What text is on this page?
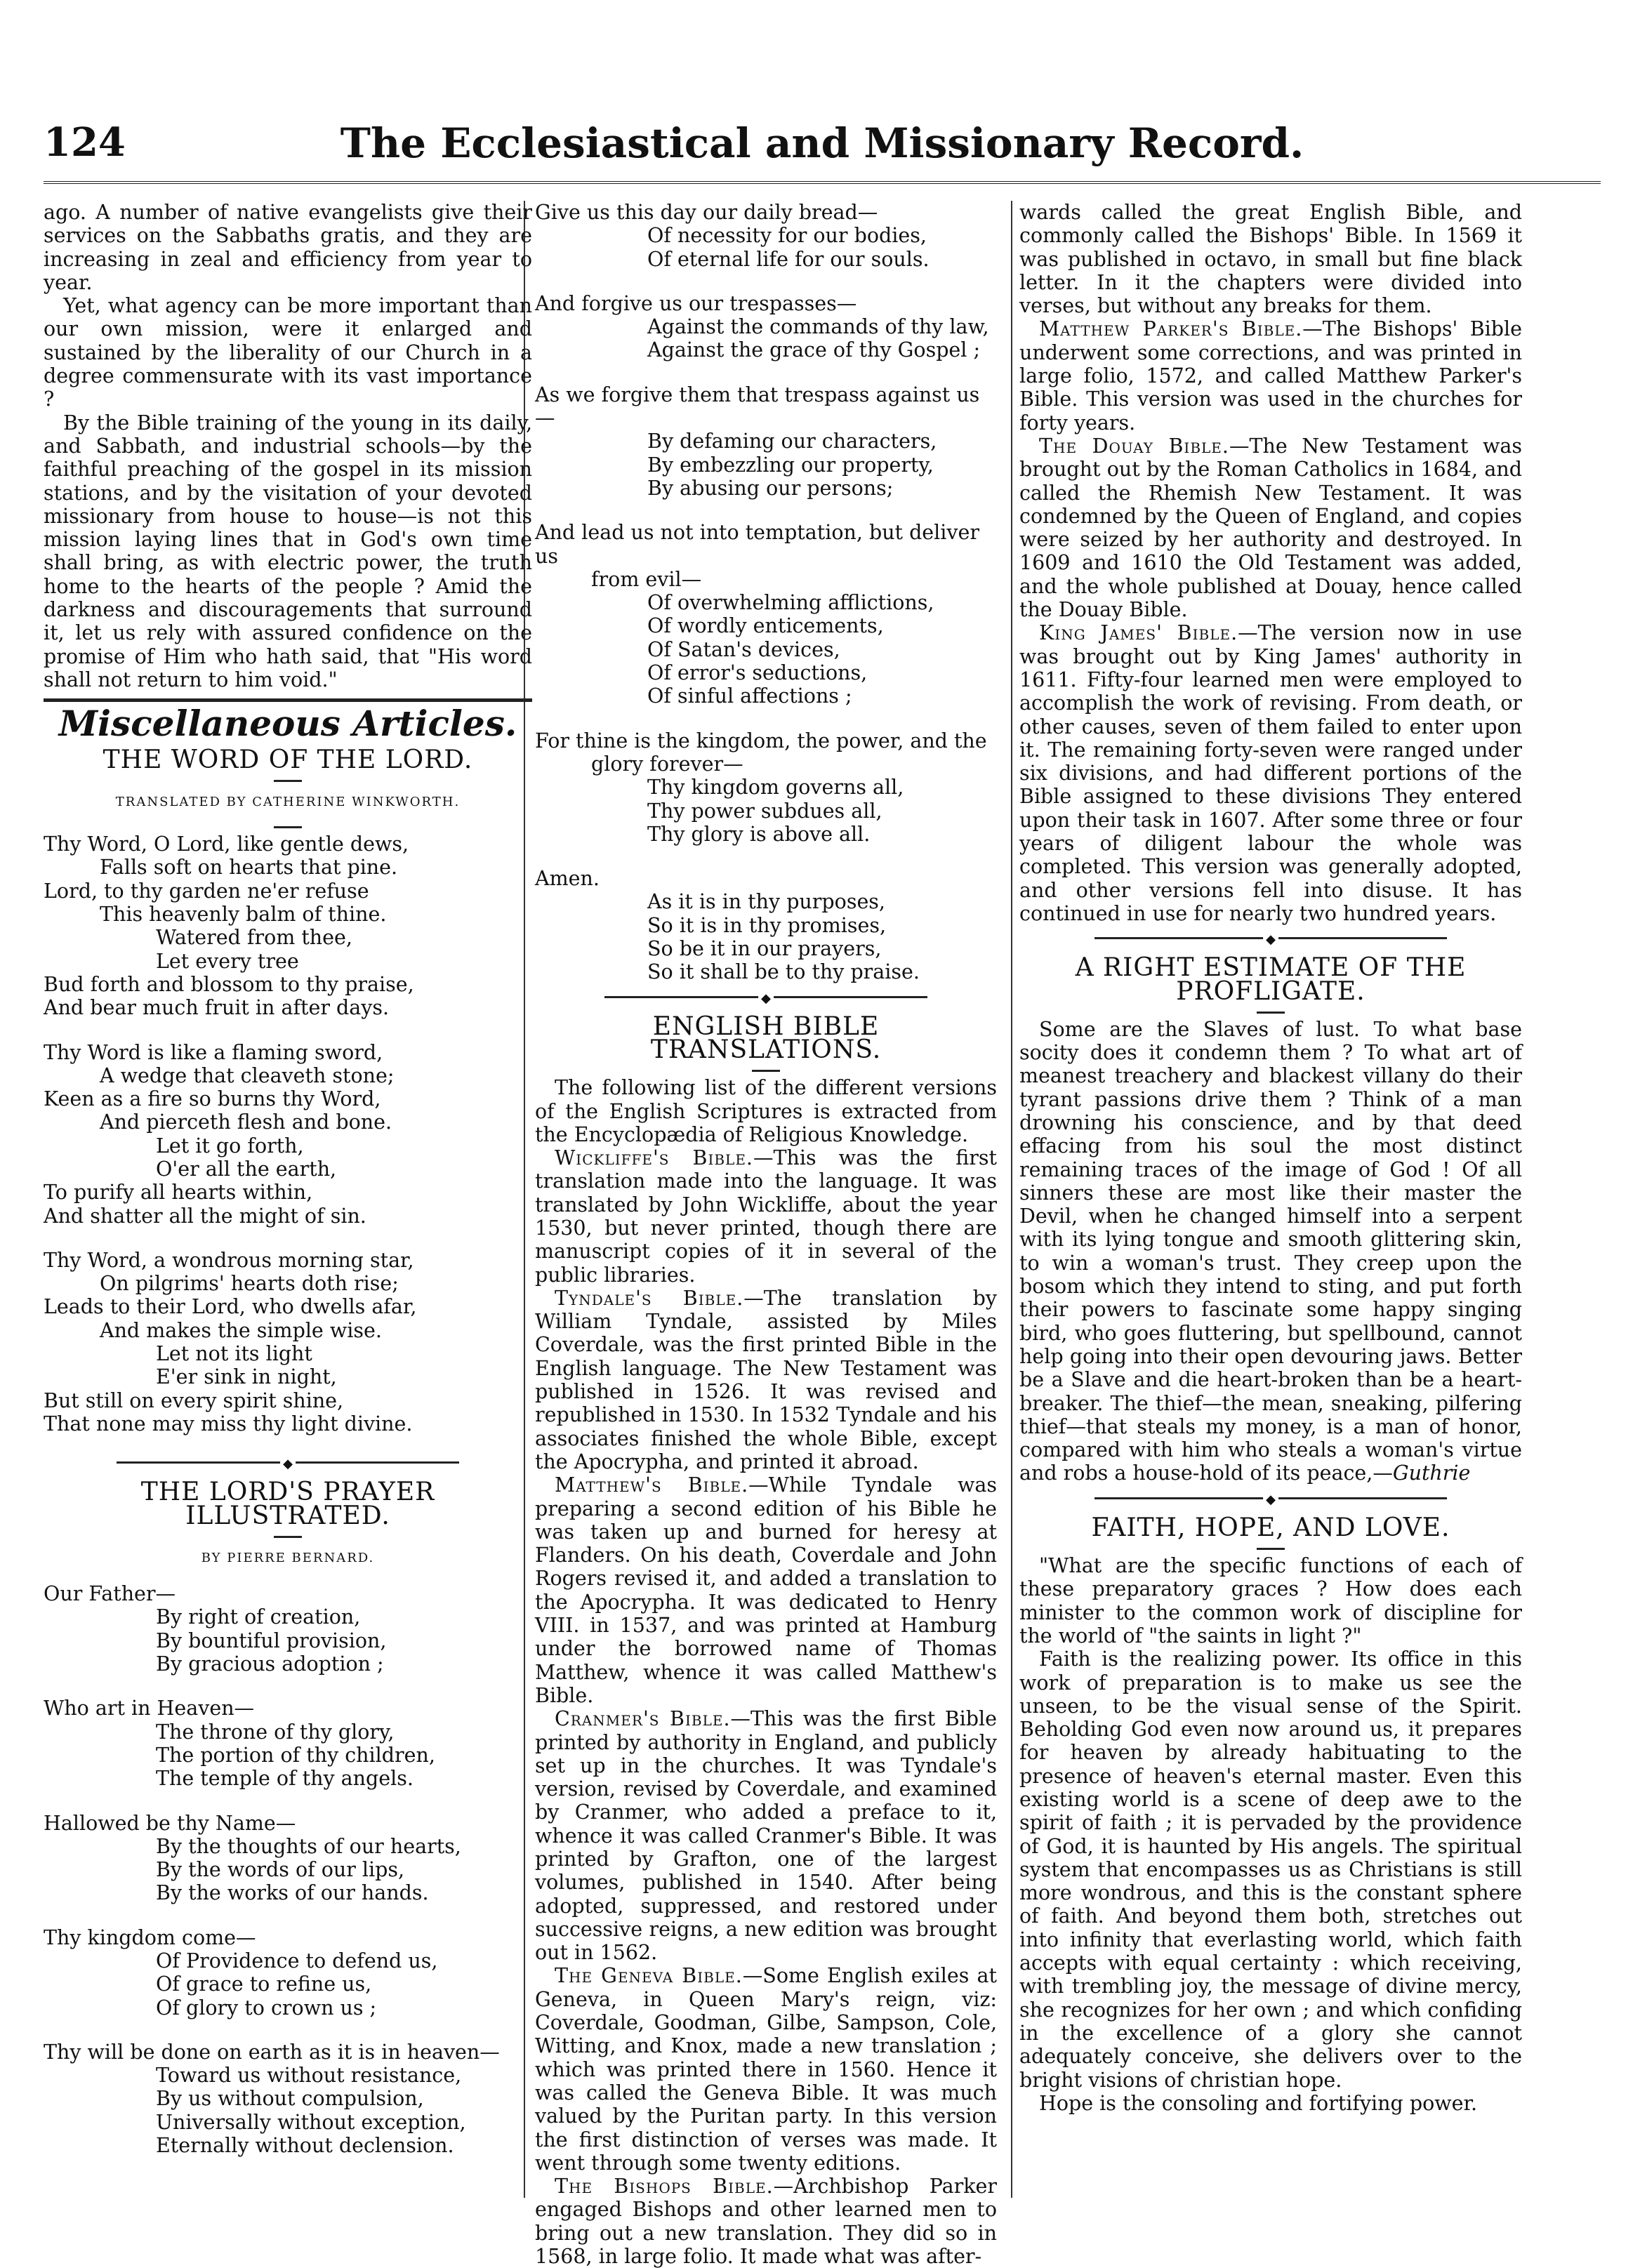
124	The Ecclesiastical and Missionary Record.

ago. A number of native evangelists give their services on the Sabbaths gratis, and they are increasing in zeal and efficiency from year to year.

Yet, what agency can be more important than our own mission, were it enlarged and sustained by the liberality of our Church in a degree commensurate with its vast importance ?

By the Bible training of the young in its daily, and Sabbath, and industrial schools—by the faithful preaching of the gospel in its mission stations, and by the visitation of your devoted missionary from house to house—is not this mission laying lines that in God's own time shall bring, as with electric power, the truth home to the hearts of the people ? Amid the darkness and discouragements that surround it, let us rely with assured confidence on the promise of Him who hath said, that "His word shall not return to him void."

Miscellaneous Articles.
THE WORD OF THE LORD.
TRANSLATED BY CATHERINE WINKWORTH.
Thy Word, O Lord, like gentle dews,
Falls soft on hearts that pine.
Lord, to thy garden ne'er refuse
This heavenly balm of thine.
Watered from thee,
Let every tree
Bud forth and blossom to thy praise,
And bear much fruit in after days.
Thy Word is like a flaming sword,
A wedge that cleaveth stone;
Keen as a fire so burns thy Word,
And pierceth flesh and bone.
Let it go forth,
O'er all the earth,
To purify all hearts within,
And shatter all the might of sin.
Thy Word, a wondrous morning star,
On pilgrims' hearts doth rise;
Leads to their Lord, who dwells afar,
And makes the simple wise.
Let not its light
E'er sink in night,
But still on every spirit shine,
That none may miss thy light divine.
◆
THE LORD'S PRAYER ILLUSTRATED.
BY PIERRE BERNARD.
Our Father—
By right of creation,
By bountiful provision,
By gracious adoption ;
Who art in Heaven—
The throne of thy glory,
The portion of thy children,
The temple of thy angels.
Hallowed be thy Name—
By the thoughts of our hearts,
By the words of our lips,
By the works of our hands.
Thy kingdom come—
Of Providence to defend us,
Of grace to refine us,
Of glory to crown us ;
Thy will be done on earth as it is in heaven—
Toward us without resistance,
By us without compulsion,
Universally without exception,
Eternally without declension.
Give us this day our daily bread—
Of necessity for our bodies,
Of eternal life for our souls.
And forgive us our trespasses—
Against the commands of thy law,
Against the grace of thy Gospel ;
As we forgive them that trespass against us—
By defaming our characters,
By embezzling our property,
By abusing our persons;
And lead us not into temptation, but deliver us
from evil—
Of overwhelming afflictions,
Of wordly enticements,
Of Satan's devices,
Of error's seductions,
Of sinful affections ;
For thine is the kingdom, the power, and the
glory forever—
Thy kingdom governs all,
Thy power subdues all,
Thy glory is above all.
Amen.
As it is in thy purposes,
So it is in thy promises,
So be it in our prayers,
So it shall be to thy praise.
◆
ENGLISH BIBLE TRANSLATIONS.

The following list of the different versions of the English Scriptures is extracted from the Encyclopædia of Religious Knowledge.

Wickliffe's Bible.—This was the first translation made into the language. It was translated by John Wickliffe, about the year 1530, but never printed, though there are manuscript copies of it in several of the public libraries.

Tyndale's Bible.—The translation by William Tyndale, assisted by Miles Coverdale, was the first printed Bible in the English language. The New Testament was published in 1526. It was revised and republished in 1530. In 1532 Tyndale and his associates finished the whole Bible, except the Apocrypha, and printed it abroad.

Matthew's Bible.—While Tyndale was preparing a second edition of his Bible he was taken up and burned for heresy at Flanders. On his death, Coverdale and John Rogers revised it, and added a translation to the Apocrypha. It was dedicated to Henry VIII. in 1537, and was printed at Hamburg under the borrowed name of Thomas Matthew, whence it was called Matthew's Bible.

Cranmer's Bible.—This was the first Bible printed by authority in England, and publicly set up in the churches. It was Tyndale's version, revised by Coverdale, and examined by Cranmer, who added a preface to it, whence it was called Cranmer's Bible. It was printed by Grafton, one of the largest volumes, published in 1540. After being adopted, suppressed, and restored under successive reigns, a new edition was brought out in 1562.

The Geneva Bible.—Some English exiles at Geneva, in Queen Mary's reign, viz: Coverdale, Goodman, Gilbe, Sampson, Cole, Witting, and Knox, made a new translation ; which was printed there in 1560. Hence it was called the Geneva Bible. It was much valued by the Puritan party. In this version the first distinction of verses was made. It went through some twenty editions.

The Bishops Bible.—Archbishop Parker engaged Bishops and other learned men to bring out a new translation. They did so in 1568, in large folio. It made what was after-

wards called the great English Bible, and commonly called the Bishops' Bible. In 1569 it was published in octavo, in small but fine black letter. In it the chapters were divided into verses, but without any breaks for them.

Matthew Parker's Bible.—The Bishops' Bible underwent some corrections, and was printed in large folio, 1572, and called Matthew Parker's Bible. This version was used in the churches for forty years.

The Douay Bible.—The New Testament was brought out by the Roman Catholics in 1684, and called the Rhemish New Testament. It was condemned by the Queen of England, and copies were seized by her authority and destroyed. In 1609 and 1610 the Old Testament was added, and the whole published at Douay, hence called the Douay Bible.

King James' Bible.—The version now in use was brought out by King James' authority in 1611. Fifty-four learned men were employed to accomplish the work of revising. From death, or other causes, seven of them failed to enter upon it. The remaining forty-seven were ranged under six divisions, and had different portions of the Bible assigned to these divisions They entered upon their task in 1607. After some three or four years of diligent labour the whole was completed. This version was generally adopted, and other versions fell into disuse. It has continued in use for nearly two hundred years.

◆
A RIGHT ESTIMATE OF THE PROFLIGATE.

Some are the Slaves of lust. To what base socity does it condemn them ? To what art of meanest treachery and blackest villany do their tyrant passions drive them ? Think of a man drowning his conscience, and by that deed effacing from his soul the most distinct remaining traces of the image of God ! Of all sinners these are most like their master the Devil, when he changed himself into a serpent with its lying tongue and smooth glittering skin, to win a woman's trust. They creep upon the bosom which they intend to sting, and put forth their powers to fascinate some happy singing bird, who goes fluttering, but spellbound, cannot help going into their open devouring jaws. Better be a Slave and die heart-broken than be a heart-breaker. The thief—the mean, sneaking, pilfering thief—that steals my money, is a man of honor, compared with him who steals a woman's virtue and robs a house-hold of its peace,—Guthrie

◆
FAITH, HOPE, AND LOVE.

"What are the specific functions of each of these preparatory graces ? How does each minister to the common work of discipline for the world of "the saints in light ?"

Faith is the realizing power. Its office in this work of preparation is to make us see the unseen, to be the visual sense of the Spirit. Beholding God even now around us, it prepares for heaven by already habituating to the presence of heaven's eternal master. Even this existing world is a scene of deep awe to the spirit of faith ; it is pervaded by the providence of God, it is haunted by His angels. The spiritual system that encompasses us as Christians is still more wondrous, and this is the constant sphere of faith. And beyond them both, stretches out into infinity that everlasting world, which faith accepts with equal certainty : which receiving, with trembling joy, the message of divine mercy, she recognizes for her own ; and which confiding in the excellence of a glory she cannot adequately conceive, she delivers over to the bright visions of christian hope.

Hope is the consoling and fortifying power.
